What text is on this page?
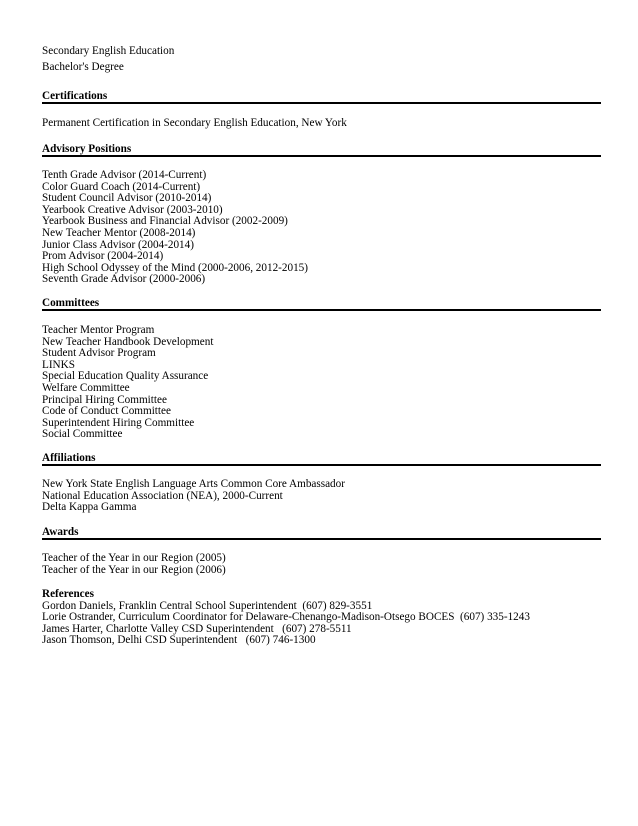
Secondary English Education
Bachelor's Degree
Certifications
Permanent Certification in Secondary English Education, New York
Advisory Positions
Tenth Grade Advisor (2014-Current)
Color Guard Coach (2014-Current)
Student Council Advisor (2010-2014)
Yearbook Creative Advisor (2003-2010)
Yearbook Business and Financial Advisor (2002-2009)
New Teacher Mentor (2008-2014)
Junior Class Advisor (2004-2014)
Prom Advisor (2004-2014)
High School Odyssey of the Mind (2000-2006, 2012-2015)
Seventh Grade Advisor (2000-2006)
Committees
Teacher Mentor Program
New Teacher Handbook Development
Student Advisor Program
LINKS
Special Education Quality Assurance
Welfare Committee
Principal Hiring Committee
Code of Conduct Committee
Superintendent Hiring Committee
Social Committee
Affiliations
New York State English Language Arts Common Core Ambassador
National Education Association (NEA), 2000-Current
Delta Kappa Gamma
Awards
Teacher of the Year in our Region (2005)
Teacher of the Year in our Region (2006)
References
Gordon Daniels, Franklin Central School Superintendent  (607) 829-3551
Lorie Ostrander, Curriculum Coordinator for Delaware-Chenango-Madison-Otsego BOCES  (607) 335-1243
James Harter, Charlotte Valley CSD Superintendent   (607) 278-5511
Jason Thomson, Delhi CSD Superintendent   (607) 746-1300
